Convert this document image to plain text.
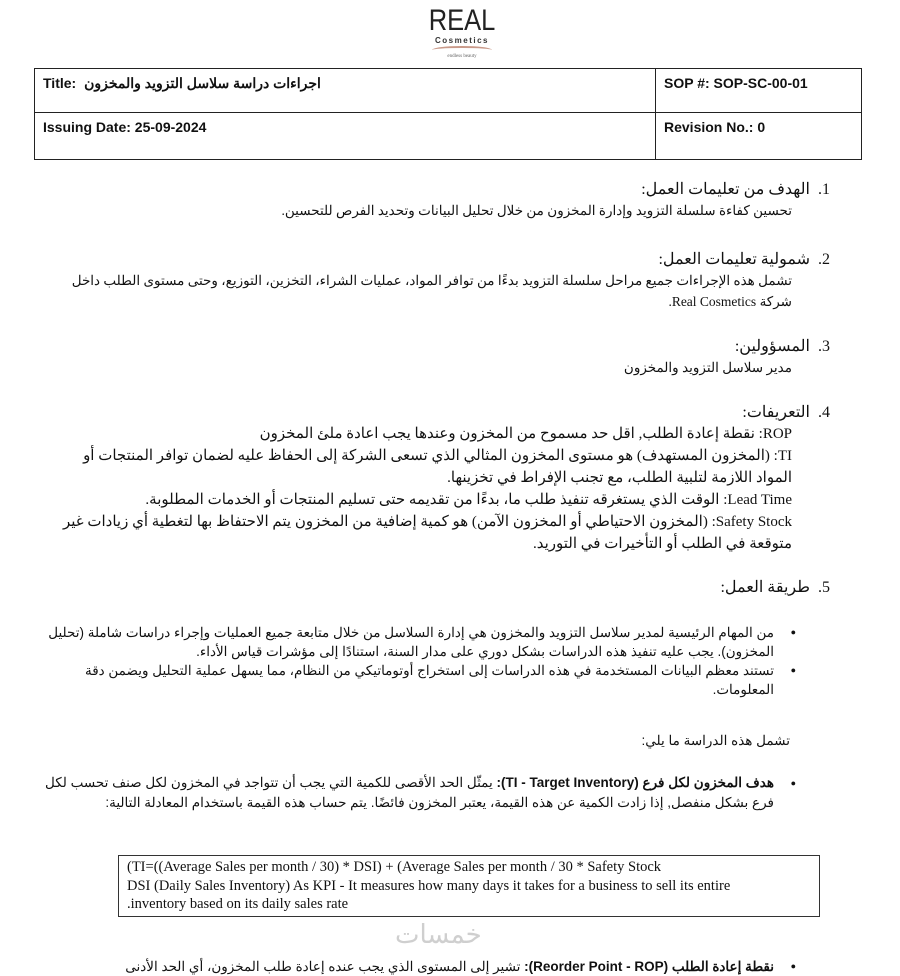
REAL
Cosmetics
endless beauty
Title: اجراءات دراسة سلاسل التزويد والمخزون	SOP #: SOP-SC-00-01
Issuing Date: 25-09-2024	Revision No.: 0
1.الهدف من تعليمات العمل:
تحسين كفاءة سلسلة التزويد وإدارة المخزون من خلال تحليل البيانات وتحديد الفرص للتحسين.
2.شمولية تعليمات العمل:
تشمل هذه الإجراءات جميع مراحل سلسلة التزويد بدءًا من توافر المواد، عمليات الشراء، التخزين، التوزيع، وحتى مستوى الطلب داخل شركة Real Cosmetics.
3.المسؤولين:
مدير سلاسل التزويد والمخزون
4.التعريفات:
ROP: نقطة إعادة الطلب, اقل حد مسموح من المخزون وعندها يجب اعادة ملئ المخزون
TI: (المخزون المستهدف) هو مستوى المخزون المثالي الذي تسعى الشركة إلى الحفاظ عليه لضمان توافر المنتجات أو المواد اللازمة لتلبية الطلب، مع تجنب الإفراط في تخزينها.
Lead Time: الوقت الذي يستغرقه تنفيذ طلب ما، بدءًا من تقديمه حتى تسليم المنتجات أو الخدمات المطلوبة.
Safety Stock: (المخزون الاحتياطي أو المخزون الآمن) هو كمية إضافية من المخزون يتم الاحتفاظ بها لتغطية أي زيادات غير متوقعة في الطلب أو التأخيرات في التوريد.
5.طريقة العمل:
● من المهام الرئيسية لمدير سلاسل التزويد والمخزون هي إدارة السلاسل من خلال متابعة جميع العمليات وإجراء دراسات شاملة (تحليل المخزون). يجب عليه تنفيذ هذه الدراسات بشكل دوري على مدار السنة، استنادًا إلى مؤشرات قياس الأداء.
● تستند معظم البيانات المستخدمة في هذه الدراسات إلى استخراج أوتوماتيكي من النظام، مما يسهل عملية التحليل ويضمن دقة المعلومات.
تشمل هذه الدراسة ما يلي:
● هدف المخزون لكل فرع (TI - Target Inventory): يمثّل الحد الأقصى للكمية التي يجب أن تتواجد في المخزون لكل صنف تحسب لكل فرع بشكل منفصل, إذا زادت الكمية عن هذه القيمة، يعتبر المخزون فائضًا. يتم حساب هذه القيمة باستخدام المعادلة التالية:
(TI=((Average Sales per month / 30) * DSI) + (Average Sales per month / 30 * Safety Stock
DSI (Daily Sales Inventory) As KPI - It measures how many days it takes for a business to sell its entire
.inventory based on its daily sales rate
خمسات
● نقطة إعادة الطلب (Reorder Point - ROP): تشير إلى المستوى الذي يجب عنده إعادة طلب المخزون، أي الحد الأدنى
